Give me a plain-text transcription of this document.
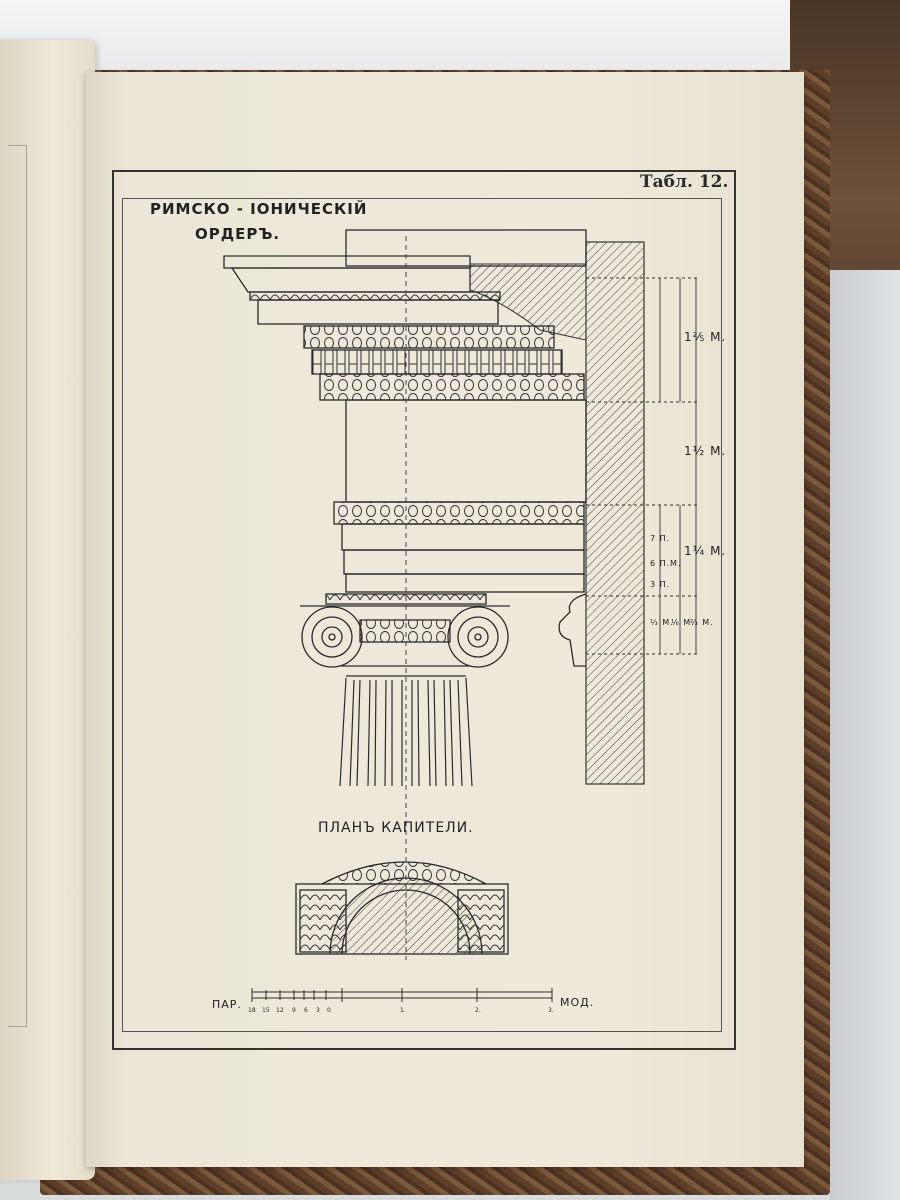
Табл. 12.
РИМСКО - IОНИЧЕСКIЙ
ОРДЕРЪ.
1⅖ М.
1½ М.
1¼ М.
7 П.
6 П.
3 П.
М.
⅓ М.
⅙ М.
⅔ М.
ПЛАНЪ КАПИТЕЛИ.
ПАР.	МОД.
18 15 12 9 6 3 0	1.	2.	3.
